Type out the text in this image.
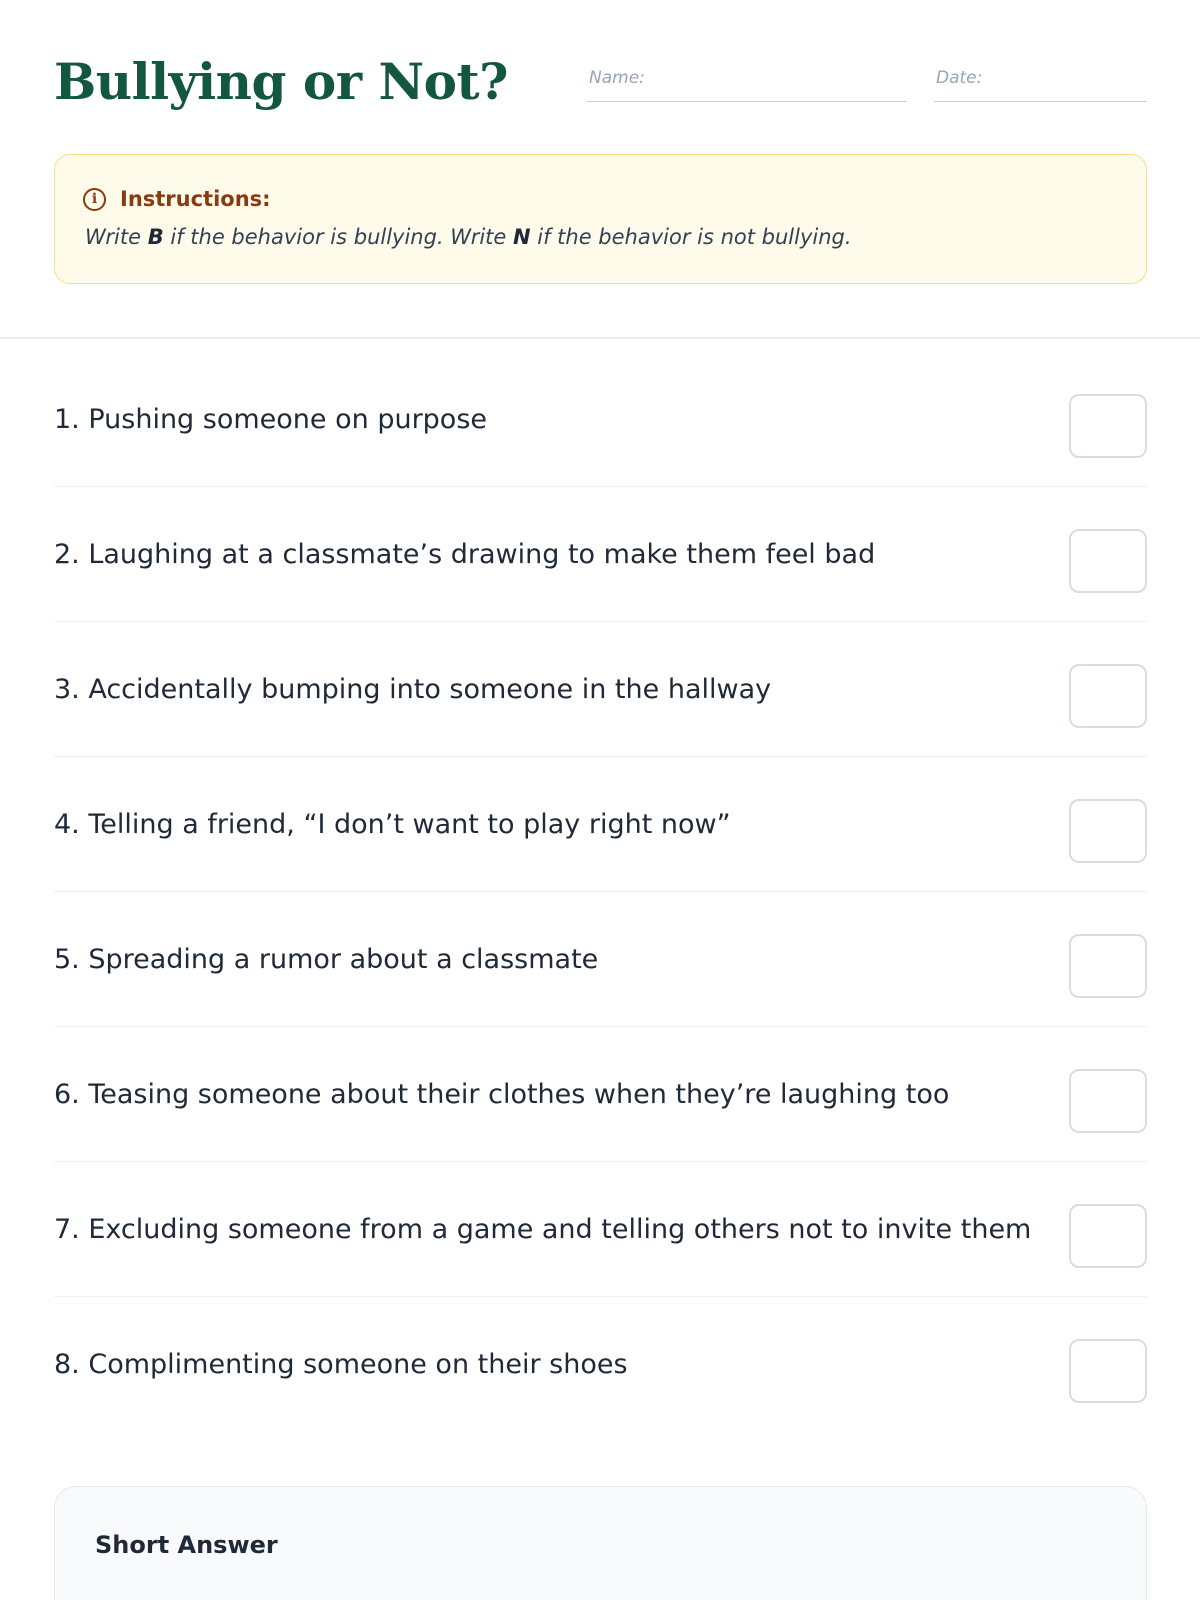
Bullying or Not?	Name:	Date:
i	Instructions:
Write B if the behavior is bullying. Write N if the behavior is not bullying.
1. Pushing someone on purpose
2. Laughing at a classmate’s drawing to make them feel bad
3. Accidentally bumping into someone in the hallway
4. Telling a friend, “I don’t want to play right now”
5. Spreading a rumor about a classmate
6. Teasing someone about their clothes when they’re laughing too
7. Excluding someone from a game and telling others not to invite them
8. Complimenting someone on their shoes
Short Answer
